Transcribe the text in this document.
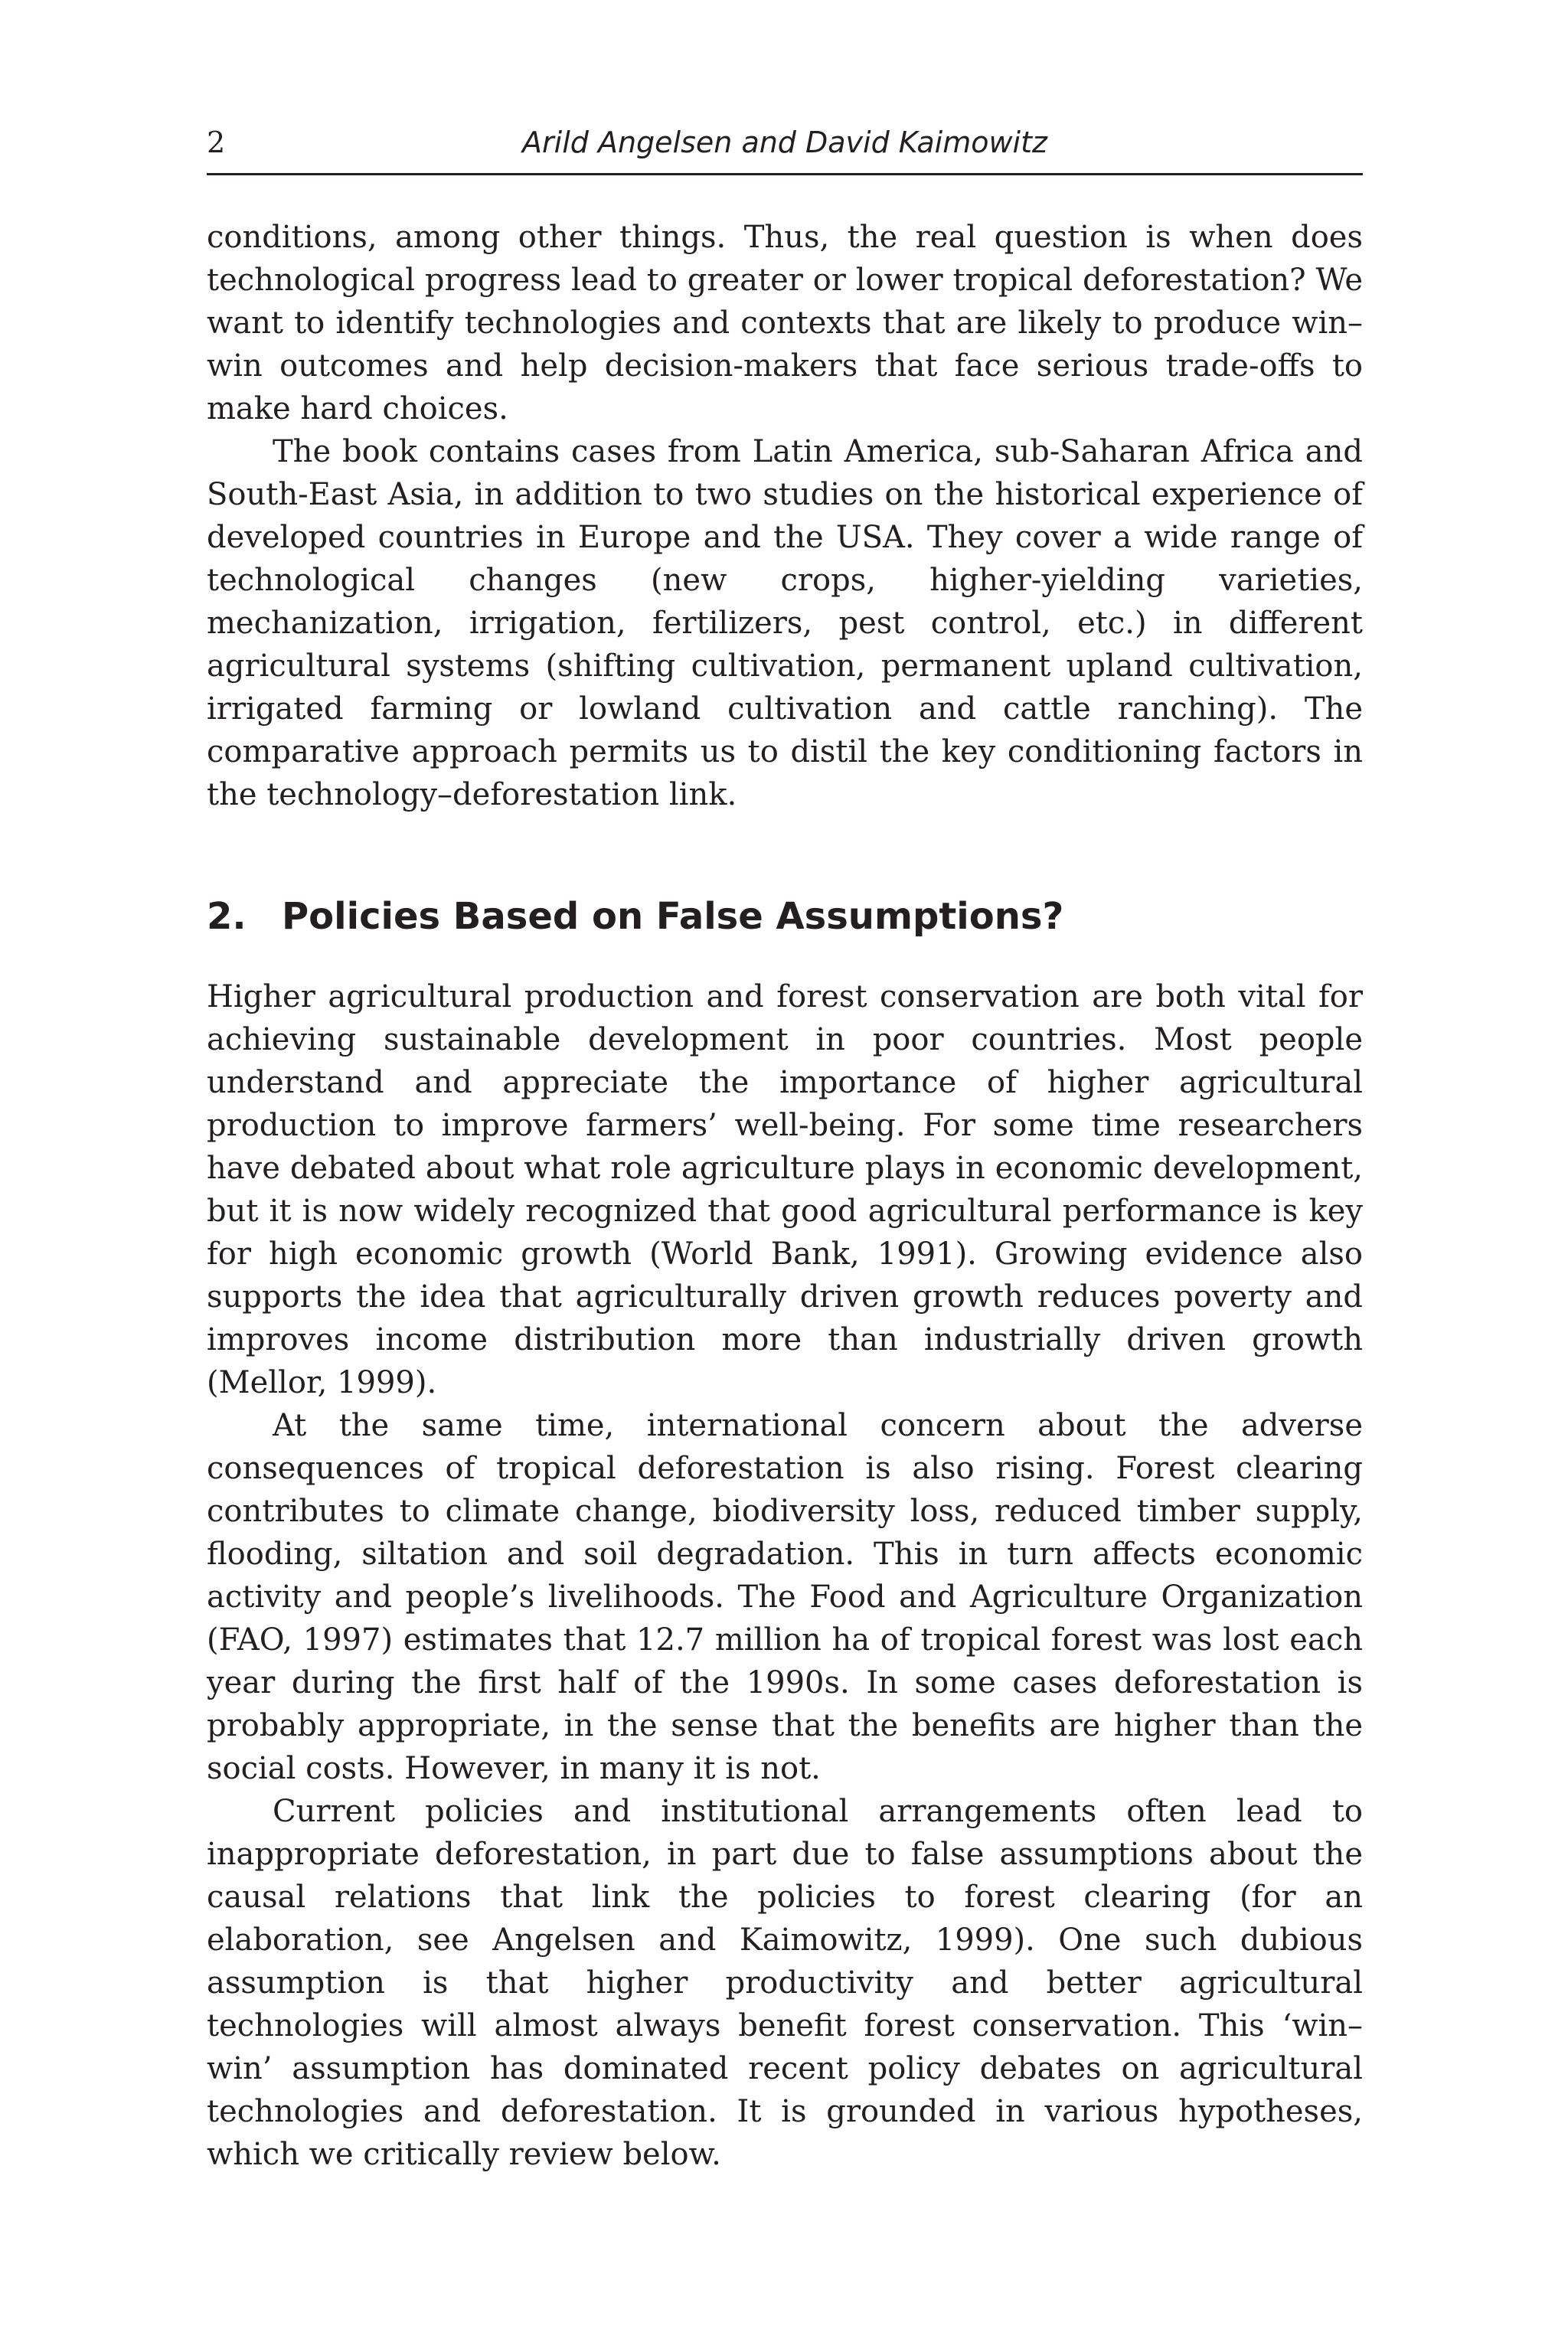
2	Arild Angelsen and David Kaimowitz

conditions, among other things. Thus, the real question is when does technological progress lead to greater or lower tropical deforestation? We want to identify technologies and contexts that are likely to produce win–win outcomes and help decision-makers that face serious trade-offs to make hard choices.

The book contains cases from Latin America, sub-Saharan Africa and South-East Asia, in addition to two studies on the historical experience of developed countries in Europe and the USA. They cover a wide range of technological changes (new crops, higher-yielding varieties, mechanization, irrigation, fertilizers, pest control, etc.) in different agricultural systems (shifting cultivation, permanent upland cultivation, irrigated farming or lowland cultivation and cattle ranching). The comparative approach permits us to distil the key conditioning factors in the technology–deforestation link.

2. Policies Based on False Assumptions?

Higher agricultural production and forest conservation are both vital for achieving sustainable development in poor countries. Most people understand and appreciate the importance of higher agricultural production to improve farmers’ well-being. For some time researchers have debated about what role agriculture plays in economic development, but it is now widely recognized that good agricultural performance is key for high economic growth (World Bank, 1991). Growing evidence also supports the idea that agriculturally driven growth reduces poverty and improves income distribution more than industrially driven growth (Mellor, 1999).

At the same time, international concern about the adverse consequences of tropical deforestation is also rising. Forest clearing contributes to climate change, biodiversity loss, reduced timber supply, flooding, siltation and soil degradation. This in turn affects economic activity and people’s livelihoods. The Food and Agriculture Organization (FAO, 1997) estimates that 12.7 million ha of tropical forest was lost each year during the first half of the 1990s. In some cases deforestation is probably appropriate, in the sense that the benefits are higher than the social costs. However, in many it is not.

Current policies and institutional arrangements often lead to inappropriate deforestation, in part due to false assumptions about the causal relations that link the policies to forest clearing (for an elaboration, see Angelsen and Kaimowitz, 1999). One such dubious assumption is that higher productivity and better agricultural technologies will almost always benefit forest conservation. This ‘win–win’ assumption has dominated recent policy debates on agricultural technologies and deforestation. It is grounded in various hypotheses, which we critically review below.
